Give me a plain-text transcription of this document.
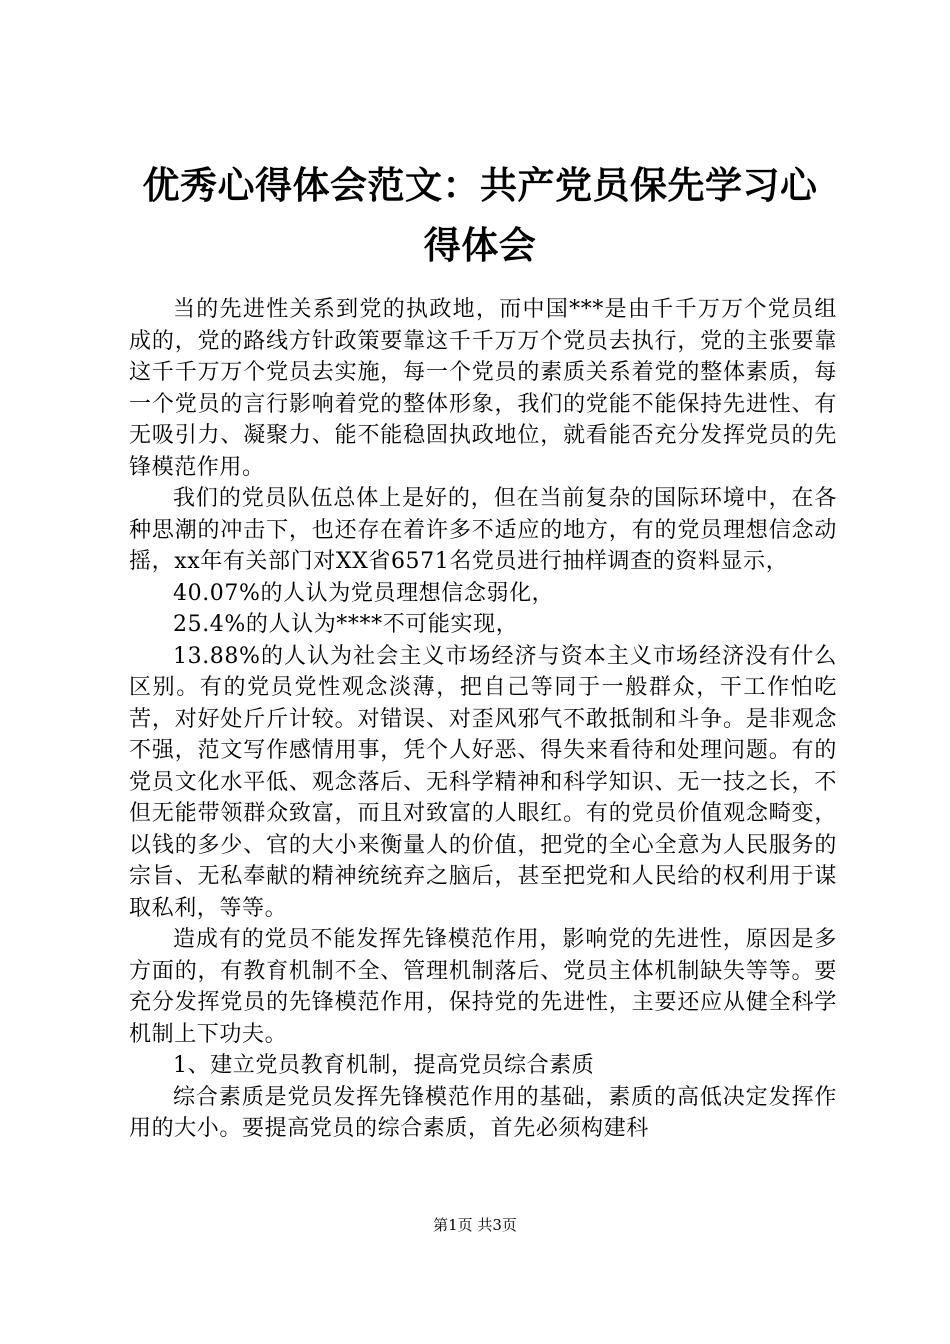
优秀心得体会范文：共产党员保先学习心得体会

当的先进性关系到党的执政地，而中国***是由千千万万个党员组成的，党的路线方针政策要靠这千千万万个党员去执行，党的主张要靠这千千万万个党员去实施，每一个党员的素质关系着党的整体素质，每一个党员的言行影响着党的整体形象，我们的党能不能保持先进性、有无吸引力、凝聚力、能不能稳固执政地位，就看能否充分发挥党员的先锋模范作用。

我们的党员队伍总体上是好的，但在当前复杂的国际环境中，在各种思潮的冲击下，也还存在着许多不适应的地方，有的党员理想信念动摇，xx年有关部门对XX省6571名党员进行抽样调查的资料显示，

40.07%的人认为党员理想信念弱化，

25.4%的人认为****不可能实现，

13.88%的人认为社会主义市场经济与资本主义市场经济没有什么区别。有的党员党性观念淡薄，把自己等同于一般群众，干工作怕吃苦，对好处斤斤计较。对错误、对歪风邪气不敢抵制和斗争。是非观念不强，范文写作感情用事，凭个人好恶、得失来看待和处理问题。有的党员文化水平低、观念落后、无科学精神和科学知识、无一技之长，不但无能带领群众致富，而且对致富的人眼红。有的党员价值观念畸变，以钱的多少、官的大小来衡量人的价值，把党的全心全意为人民服务的宗旨、无私奉献的精神统统弃之脑后，甚至把党和人民给的权利用于谋取私利，等等。

造成有的党员不能发挥先锋模范作用，影响党的先进性，原因是多方面的，有教育机制不全、管理机制落后、党员主体机制缺失等等。要充分发挥党员的先锋模范作用，保持党的先进性，主要还应从健全科学机制上下功夫。

1、建立党员教育机制，提高党员综合素质

综合素质是党员发挥先锋模范作用的基础，素质的高低决定发挥作用的大小。要提高党员的综合素质，首先必须构建科

第1页 共3页
